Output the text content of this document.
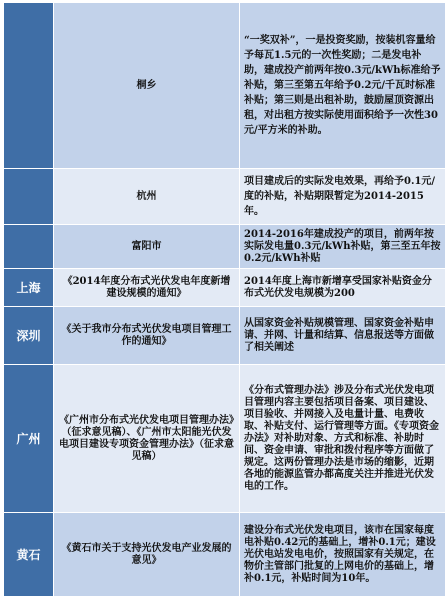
	桐乡	“一奖双补”，一是投资奖励，按装机容量给予每瓦1.5元的一次性奖励；二是发电补助，建成投产前两年按0.3元/kWh标准给予补贴，第三至第五年给予0.2元/千瓦时标准补贴；第三则是出租补助，鼓励屋顶资源出租，对出租方按实际使用面积给予一次性30元/平方米的补助。
	杭州	项目建成后的实际发电效果，再给予0.1元/度的补贴，补贴期限暂定为2014-2015年。
	富阳市	2014-2016年建成投产的项目，前两年按实际发电量0.3元/kWh补贴，第三至五年按0.2元/kWh补贴
上海	《2014年度分布式光伏发电年度新增建设规模的通知》	2014年度上海市新增享受国家补贴资金分布式光伏发电规模为200
深圳	《关于我市分布式光伏发电项目管理工作的通知》	从国家资金补贴规模管理、国家资金补贴申请、并网、计量和结算、信息报送等方面做了相关阐述
广州	《广州市分布式光伏发电项目管理办法》（征求意见稿）、《广州市太阳能光伏发电项目建设专项资金管理办法》（征求意见稿）	《分布式管理办法》涉及分布式光伏发电项目管理内容主要包括项目备案、项目建设、项目验收、并网接入及电量计量、电费收取、补贴支付、运行管理等方面。《专项资金办法》对补助对象、方式和标准、补助时间、资金申请、审批和拨付程序等方面做了规定。这两份管理办法是市场的缩影，近期各地的能源监管办都高度关注并推进光伏发电的工作。
黄石	《黄石市关于支持光伏发电产业发展的意见》	建设分布式光伏发电项目，该市在国家每度电补贴0.42元的基础上，增补0.1元；建设光伏电站发电电价，按照国家有关规定，在物价主管部门批复的上网电价的基础上，增补0.1元，补贴时间为10年。
